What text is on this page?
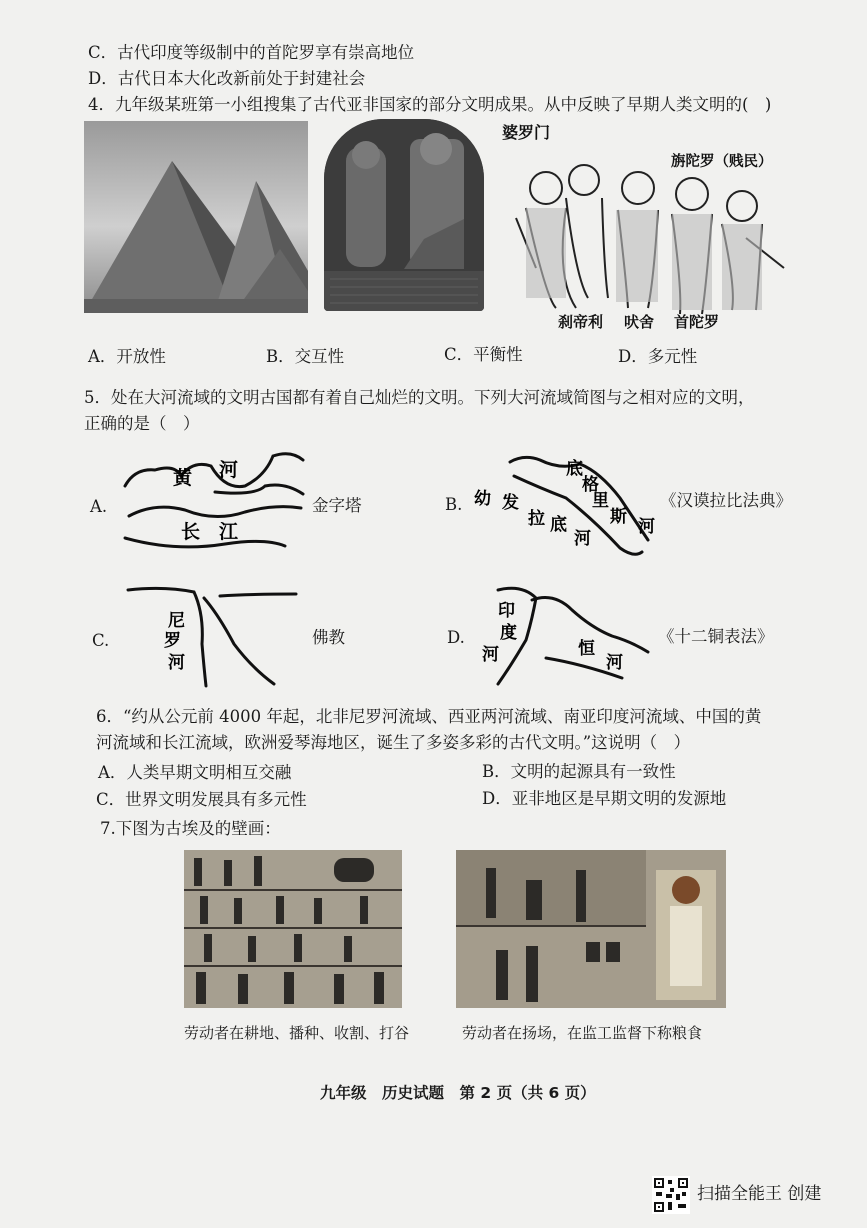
C．古代印度等级制中的首陀罗享有崇高地位
D．古代日本大化改新前处于封建社会
4．九年级某班第一小组搜集了古代亚非国家的部分文明成果。从中反映了早期人类文明的(　)
婆罗门
旃陀罗（贱民）
刹帝利 吠舍 首陀罗
A．开放性	B．交互性	C．平衡性	D．多元性
5．处在大河流域的文明古国都有着自己灿烂的文明。下列大河流域简图与之相对应的文明，
正确的是（　）
A.
黄 河
长 江
金字塔	B.
底
格
里
斯 河
幼 发
拉 底
河
《汉谟拉比法典》
C.
尼
罗
河
佛教	D.
印
度
河	恒
河
《十二铜表法》
6．“约从公元前 4000 年起，北非尼罗河流域、西亚两河流域、南亚印度河流域、中国的黄
河流域和长江流域，欧洲爱琴海地区，诞生了多姿多彩的古代文明。”这说明（　）
A．人类早期文明相互交融	B．文明的起源具有一致性
C．世界文明发展具有多元性	D．亚非地区是早期文明的发源地
7.下图为古埃及的壁画：
劳动者在耕地、播种、收割、打谷	劳动者在扬场，在监工监督下称粮食
九年级　历史试题　第 2 页（共 6 页）
扫描全能王 创建
